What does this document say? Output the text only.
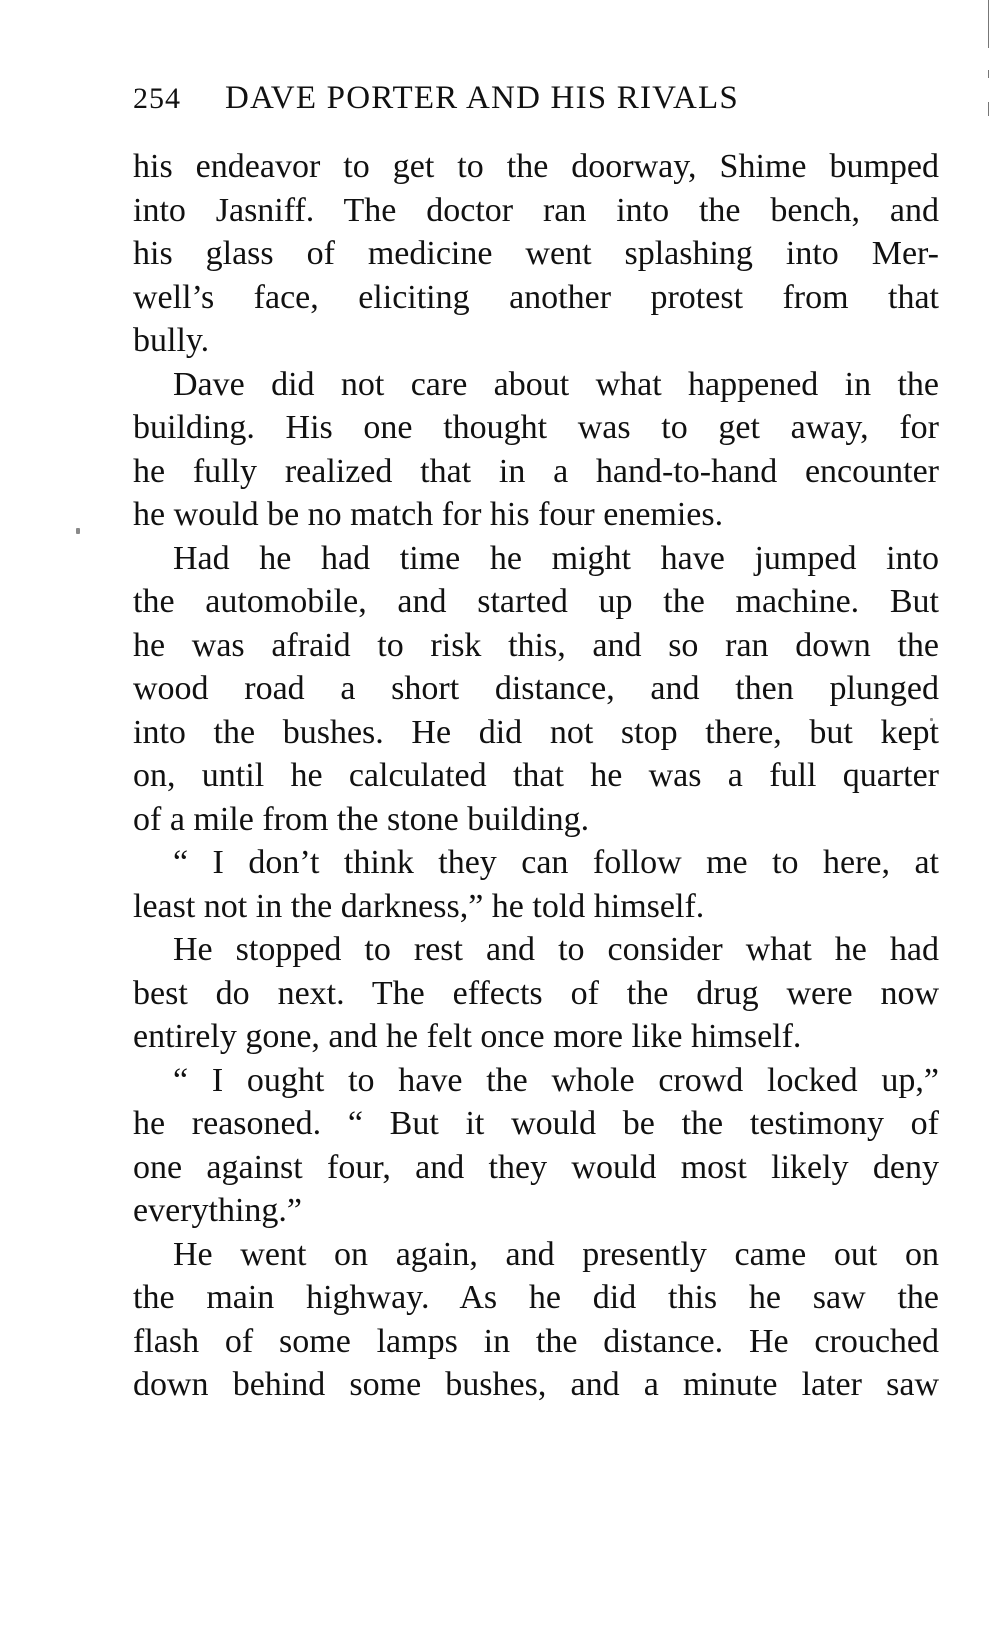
254 DAVE PORTER AND HIS RIVALS
his endeavor to get to the doorway, Shime bumped
into Jasniff. The doctor ran into the bench, and
his glass of medicine went splashing into Mer-
well’s face, eliciting another protest from that
bully.
Dave did not care about what happened in the
building. His one thought was to get away, for
he fully realized that in a hand-to-hand encounter
he would be no match for his four enemies.
Had he had time he might have jumped into
the automobile, and started up the machine. But
he was afraid to risk this, and so ran down the
wood road a short distance, and then plunged
into the bushes. He did not stop there, but kept
on, until he calculated that he was a full quarter
of a mile from the stone building.
“ I don’t think they can follow me to here, at
least not in the darkness,” he told himself.
He stopped to rest and to consider what he had
best do next. The effects of the drug were now
entirely gone, and he felt once more like himself.
“ I ought to have the whole crowd locked up,”
he reasoned. “ But it would be the testimony of
one against four, and they would most likely deny
everything.”
He went on again, and presently came out on
the main highway. As he did this he saw the
flash of some lamps in the distance. He crouched
down behind some bushes, and a minute later saw
